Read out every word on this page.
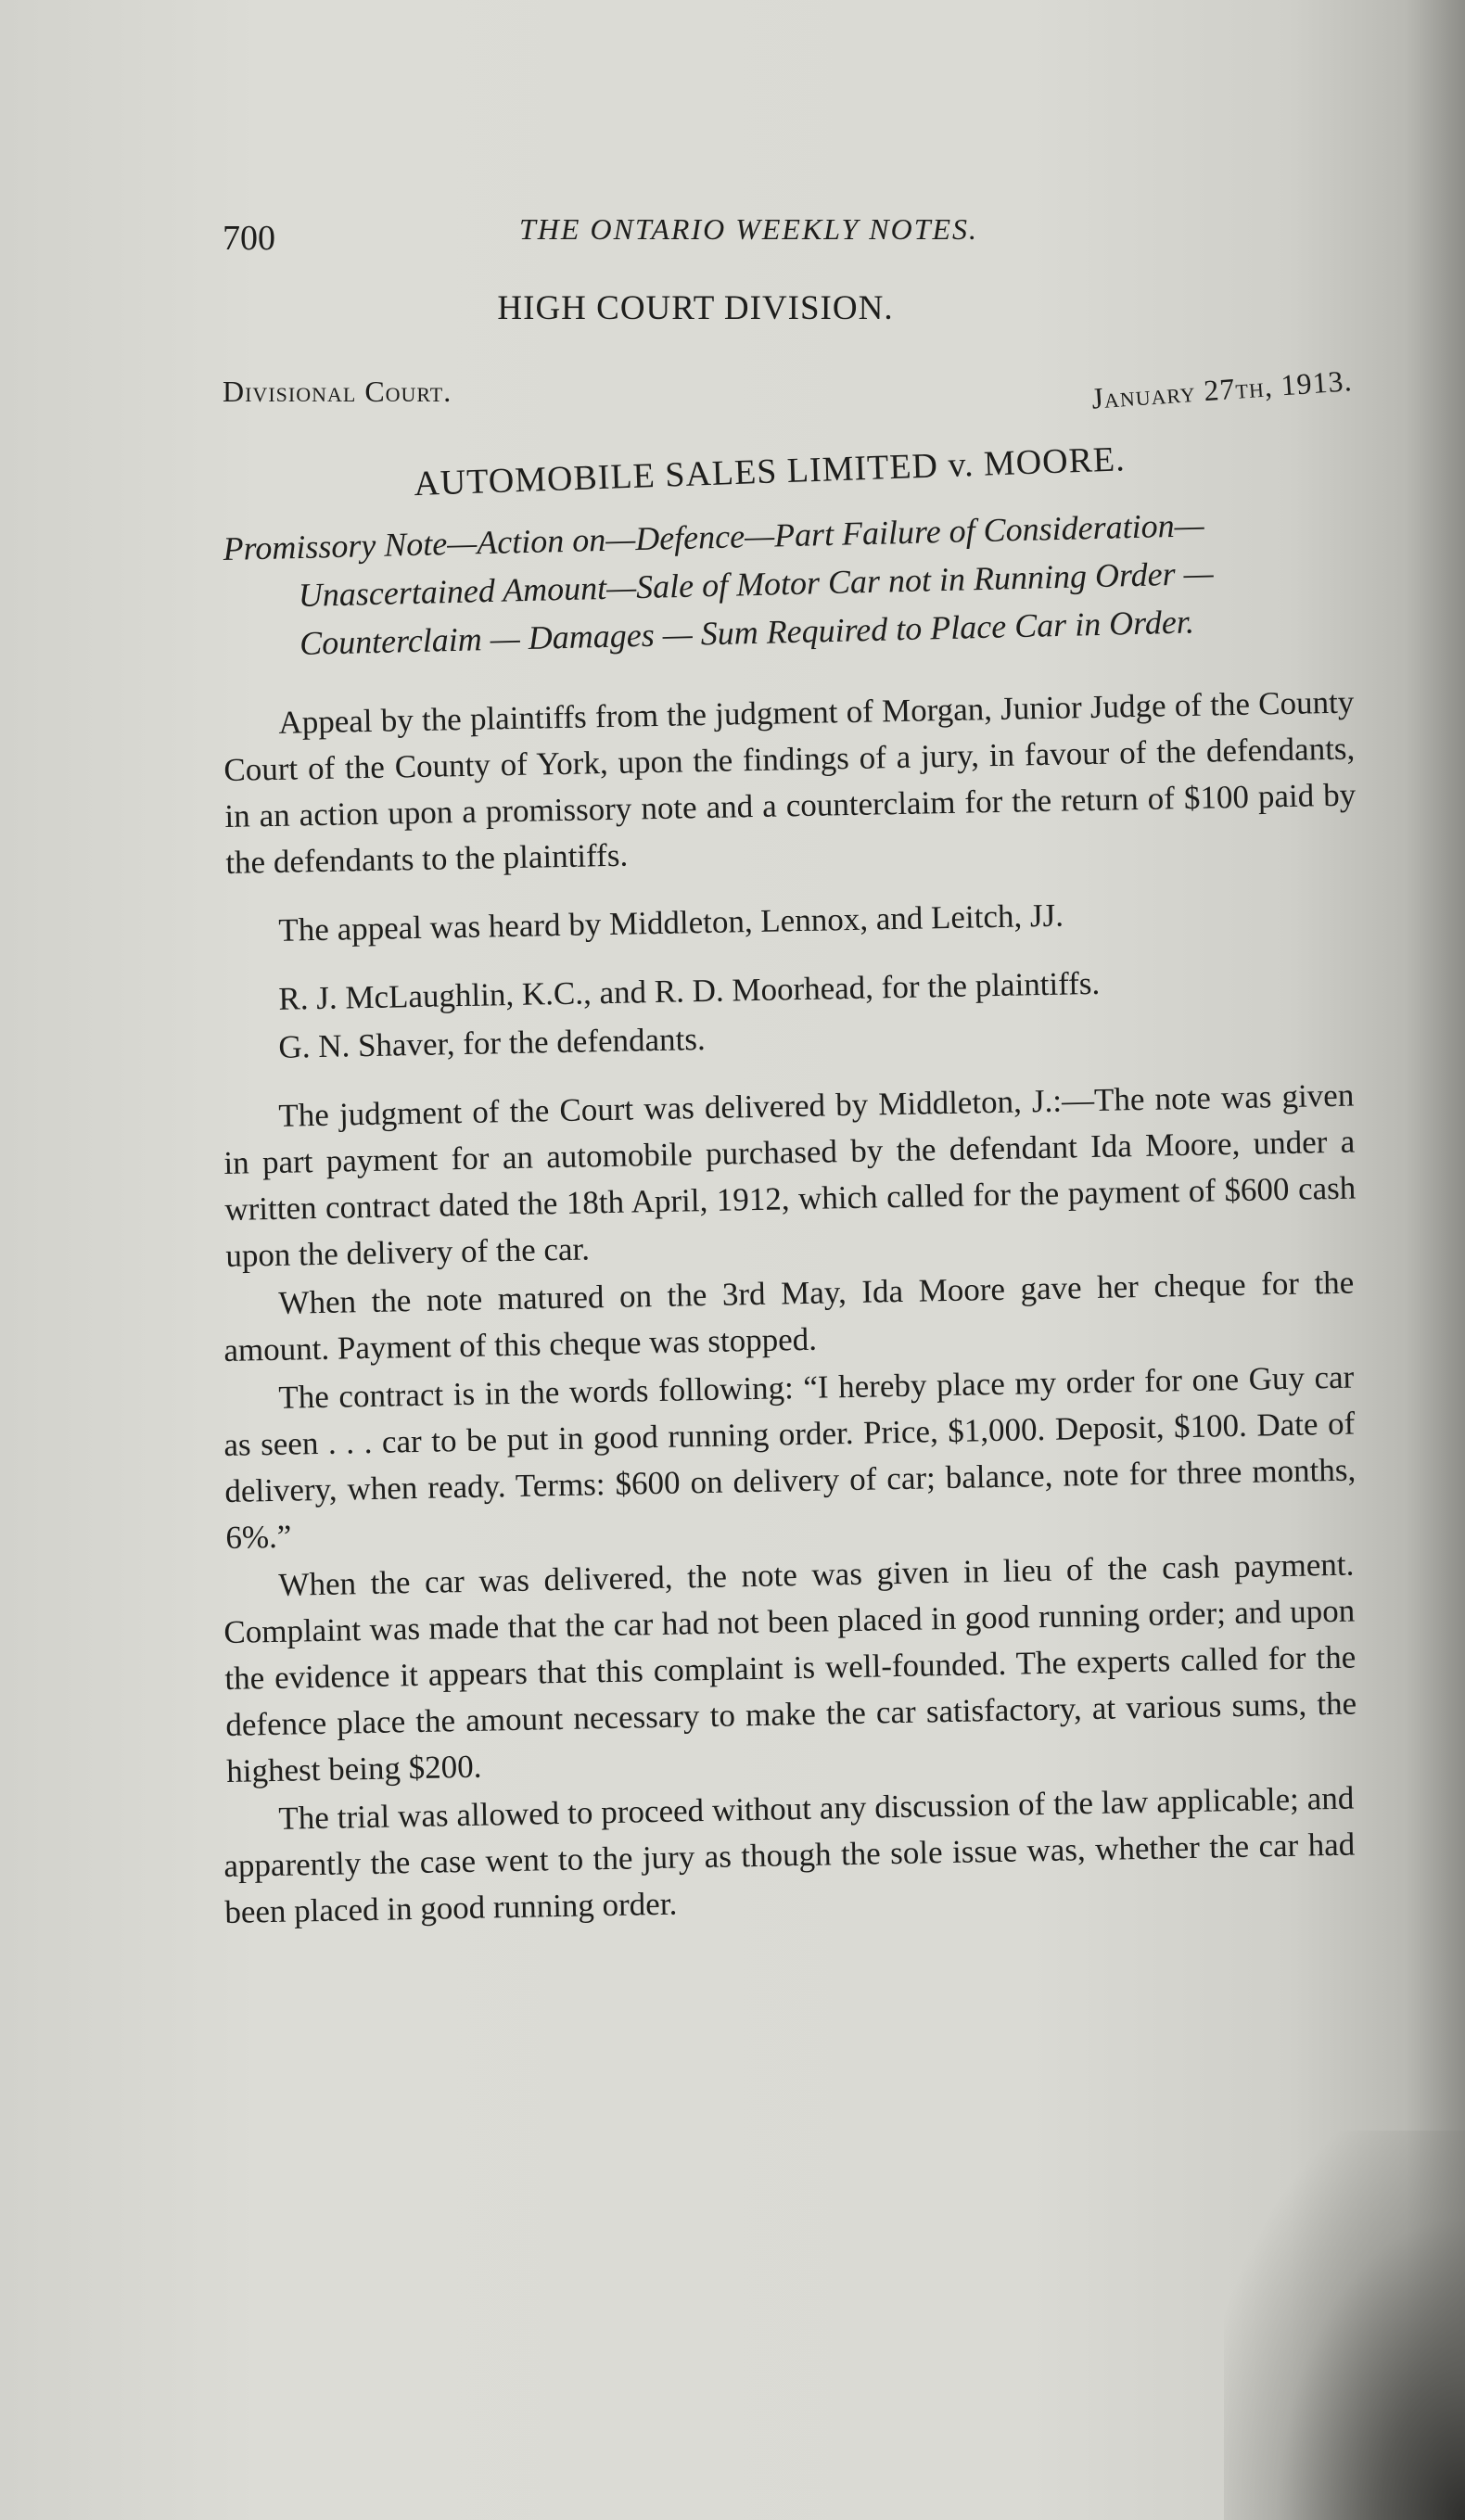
700	THE ONTARIO WEEKLY NOTES.
HIGH COURT DIVISION.
Divisional Court.	January 27th, 1913.
AUTOMOBILE SALES LIMITED v. MOORE.
Promissory Note—Action on—Defence—Part Failure of Consideration—Unascertained Amount—Sale of Motor Car not in Running Order — Counterclaim — Damages — Sum Required to Place Car in Order.

Appeal by the plaintiffs from the judgment of Morgan, Junior Judge of the County Court of the County of York, upon the findings of a jury, in favour of the defendants, in an action upon a promissory note and a counterclaim for the return of $100 paid by the defendants to the plaintiffs.

The appeal was heard by Middleton, Lennox, and Leitch, JJ.

R. J. McLaughlin, K.C., and R. D. Moorhead, for the plaintiffs.

G. N. Shaver, for the defendants.

The judgment of the Court was delivered by Middleton, J.:—The note was given in part payment for an automobile purchased by the defendant Ida Moore, under a written contract dated the 18th April, 1912, which called for the payment of $600 cash upon the delivery of the car.

When the note matured on the 3rd May, Ida Moore gave her cheque for the amount. Payment of this cheque was stopped.

The contract is in the words following: “I hereby place my order for one Guy car as seen . . . car to be put in good running order. Price, $1,000. Deposit, $100. Date of delivery, when ready. Terms: $600 on delivery of car; balance, note for three months, 6%.”

When the car was delivered, the note was given in lieu of the cash payment. Complaint was made that the car had not been placed in good running order; and upon the evidence it appears that this complaint is well-founded. The experts called for the defence place the amount necessary to make the car satisfactory, at various sums, the highest being $200.

The trial was allowed to proceed without any discussion of the law applicable; and apparently the case went to the jury as though the sole issue was, whether the car had been placed in good running order.
